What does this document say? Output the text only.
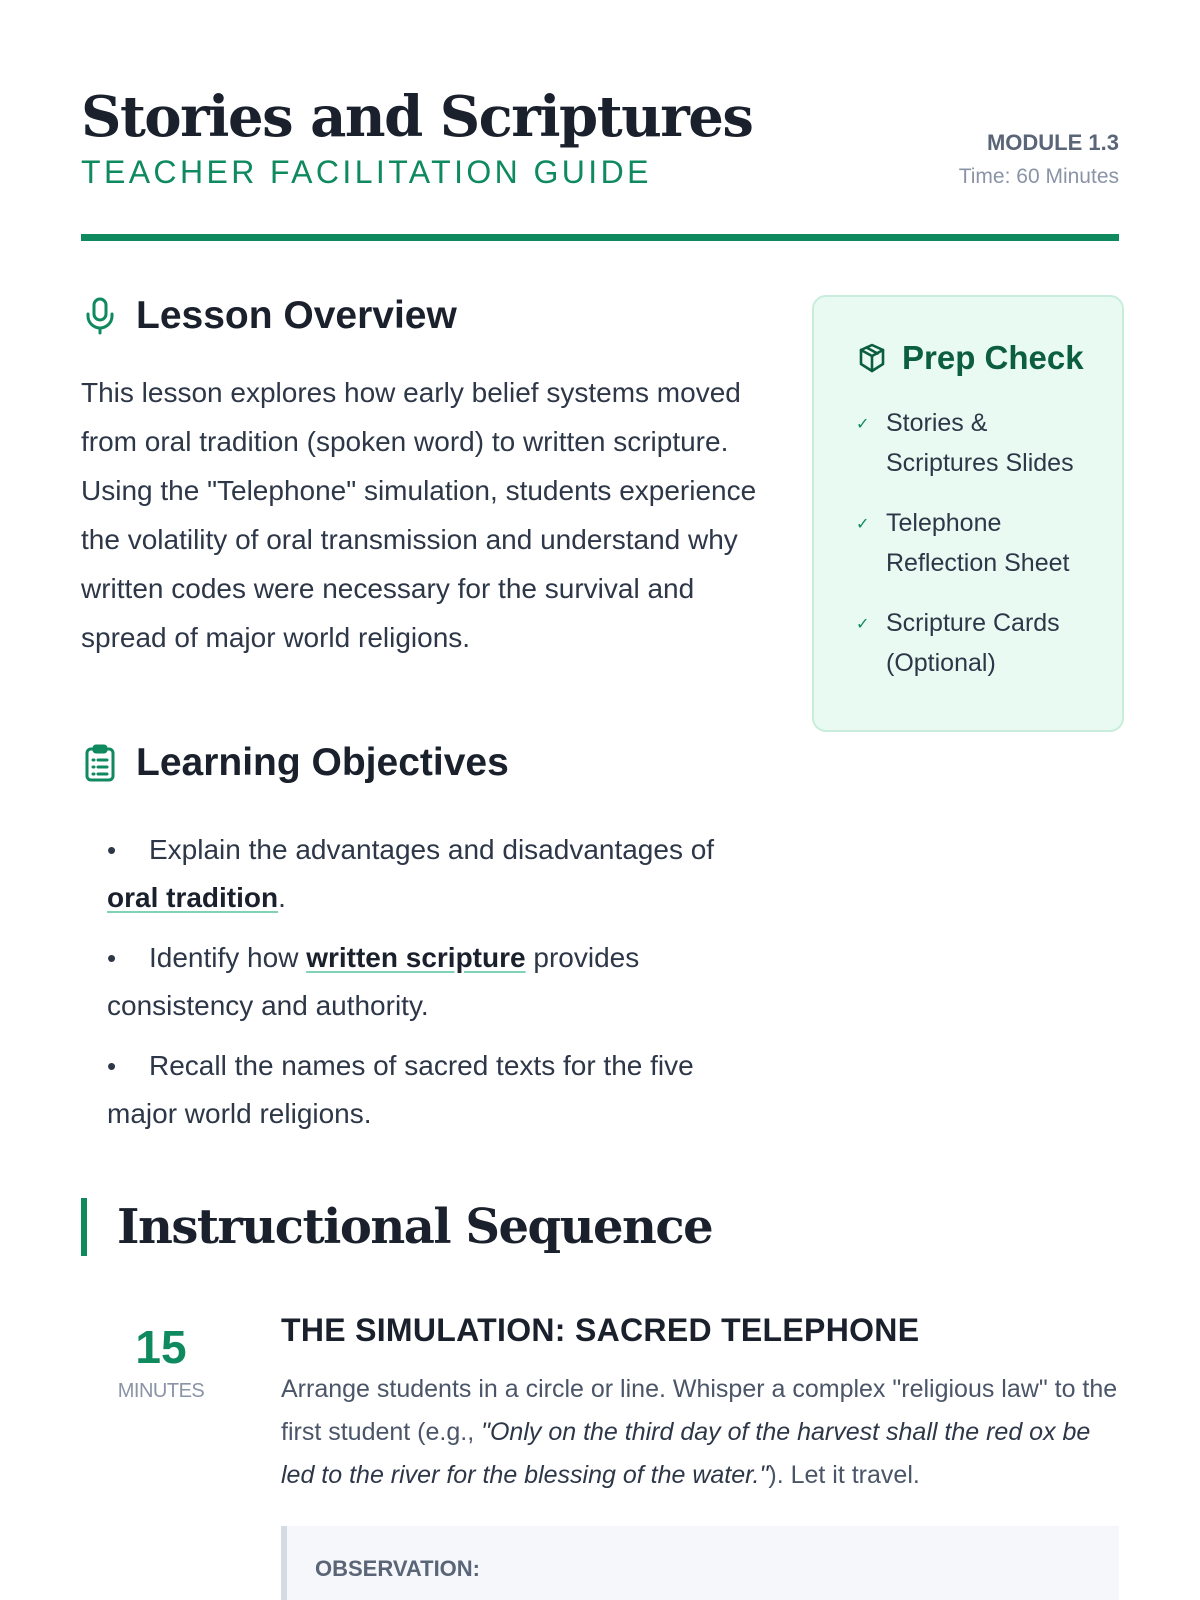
Stories and Scriptures
TEACHER FACILITATION GUIDE
MODULE 1.3
Time: 60 Minutes
Lesson Overview

This lesson explores how early belief systems moved from oral tradition (spoken word) to written scripture. Using the "Telephone" simulation, students experience the volatility of oral transmission and understand why written codes were necessary for the survival and spread of major world religions.

Learning Objectives
• Explain the advantages and disadvantages of oral tradition.
• Identify how written scripture provides consistency and authority.
• Recall the names of sacred texts for the five major world religions.
Prep Check
✓ Stories & Scriptures Slides
✓ Telephone Reflection Sheet
✓ Scripture Cards (Optional)
Instructional Sequence
15
MINUTES
THE SIMULATION: SACRED TELEPHONE

Arrange students in a circle or line. Whisper a complex "religious law" to the first student (e.g., "Only on the third day of the harvest shall the red ox be led to the river for the blessing of the water."). Let it travel.

OBSERVATION:
